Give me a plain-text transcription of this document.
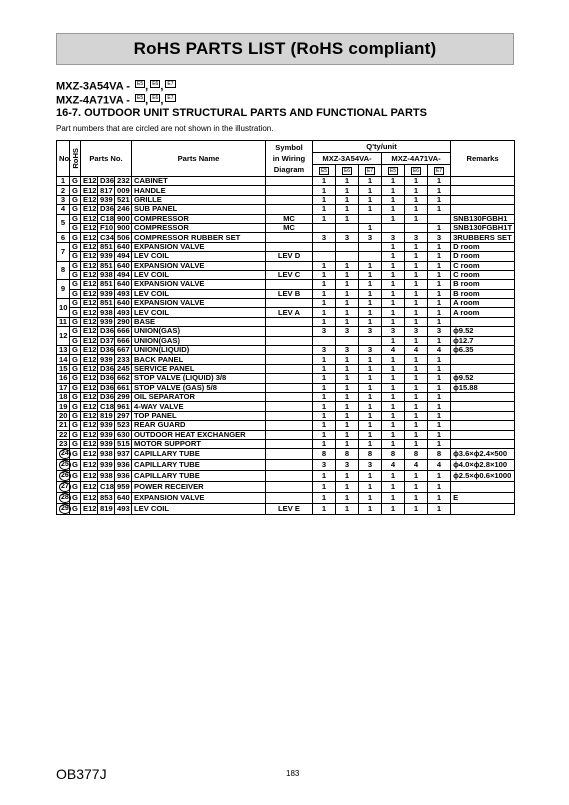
RoHS PARTS LIST (RoHS compliant)
MXZ-3A54VA - E5 , E6 , E7
MXZ-4A71VA - E5 , E6 , E7
16-7. OUTDOOR UNIT STRUCTURAL PARTS AND FUNCTIONAL PARTS
Part numbers that are circled are not shown in the illustration.
No.	RoHS	Parts No.			Parts Name	Symbol
in Wiring
Diagram	Q'ty/unit						Remarks
							MXZ-3A54VA-			MXZ-4A71VA-			
							E5	E6	E7	E5	E6	E7	
1	G	E12	D36	232	CABINET		1	1	1	1	1	1	
2	G	E12	817	009	HANDLE		1	1	1	1	1	1	
3	G	E12	939	521	GRILLE		1	1	1	1	1	1	
4	G	E12	D36	246	SUB PANEL		1	1	1	1	1	1	
5	G	E12	C18	900	COMPRESSOR	MC	1	1		1	1		SNB130FGBH1
	G	E12	F10	900	COMPRESSOR	MC			1			1	SNB130FGBH1T
6	G	E12	C34	506	COMPRESSOR RUBBER SET		3	3	3	3	3	3	3RUBBERS SET
7	G	E12	851	640	EXPANSION VALVE					1	1	1	D room
	G	E12	939	494	LEV COIL	LEV D				1	1	1	D room
8	G	E12	851	640	EXPANSION VALVE		1	1	1	1	1	1	C room
	G	E12	938	494	LEV COIL	LEV C	1	1	1	1	1	1	C room
9	G	E12	851	640	EXPANSION VALVE		1	1	1	1	1	1	B room
	G	E12	939	493	LEV COIL	LEV B	1	1	1	1	1	1	B room
10	G	E12	851	640	EXPANSION VALVE		1	1	1	1	1	1	A room
	G	E12	938	493	LEV COIL	LEV A	1	1	1	1	1	1	A room
11	G	E12	939	290	BASE		1	1	1	1	1	1	
12	G	E12	D36	666	UNION(GAS)		3	3	3	3	3	3	ϕ9.52
	G	E12	D37	666	UNION(GAS)					1	1	1	ϕ12.7
13	G	E12	D36	667	UNION(LIQUID)		3	3	3	4	4	4	ϕ6.35
14	G	E12	939	233	BACK PANEL		1	1	1	1	1	1	
15	G	E12	D36	245	SERVICE PANEL		1	1	1	1	1	1	
16	G	E12	D36	662	STOP VALVE (LIQUID) 3/8		1	1	1	1	1	1	ϕ9.52
17	G	E12	D36	661	STOP VALVE (GAS) 5/8		1	1	1	1	1	1	ϕ15.88
18	G	E12	D36	299	OIL SEPARATOR		1	1	1	1	1	1	
19	G	E12	C18	961	4-WAY VALVE		1	1	1	1	1	1	
20	G	E12	819	297	TOP PANEL		1	1	1	1	1	1	
21	G	E12	939	523	REAR GUARD		1	1	1	1	1	1	
22	G	E12	939	630	OUTDOOR HEAT EXCHANGER		1	1	1	1	1	1	
23	G	E12	939	515	MOTOR SUPPORT		1	1	1	1	1	1	
24	G	E12	938	937	CAPILLARY TUBE		8	8	8	8	8	8	ϕ3.6×ϕ2.4×500
25	G	E12	939	936	CAPILLARY TUBE		3	3	3	4	4	4	ϕ4.0×ϕ2.8×100
26	G	E12	938	936	CAPILLARY TUBE		1	1	1	1	1	1	ϕ2.5×ϕ0.6×1000
27	G	E12	C18	959	POWER RECEIVER		1	1	1	1	1	1	
28	G	E12	853	640	EXPANSION VALVE		1	1	1	1	1	1	E
29	G	E12	819	493	LEV COIL	LEV E	1	1	1	1	1	1	
OB377J	183
